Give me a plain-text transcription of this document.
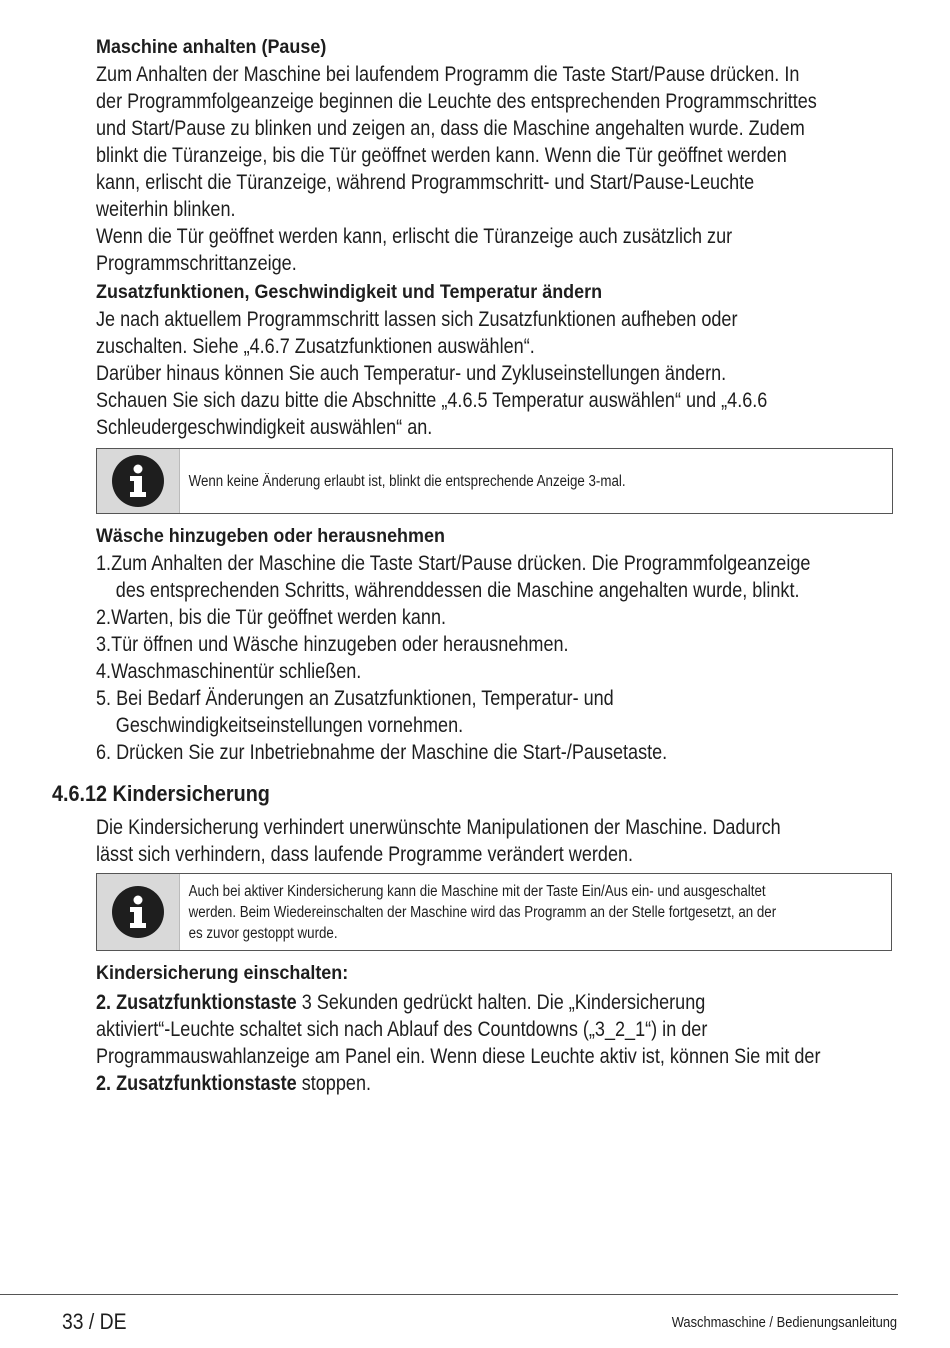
Maschine anhalten (Pause)

Zum Anhalten der Maschine bei laufendem Programm die Taste Start/Pause drücken. In

der Programmfolgeanzeige beginnen die Leuchte des entsprechenden Programmschrittes

und Start/Pause zu blinken und zeigen an, dass die Maschine angehalten wurde. Zudem

blinkt die Türanzeige, bis die Tür geöffnet werden kann. Wenn die Tür geöffnet werden

kann, erlischt die Türanzeige, während Programmschritt- und Start/Pause-Leuchte

weiterhin blinken.

Wenn die Tür geöffnet werden kann, erlischt die Türanzeige auch zusätzlich zur

Programmschrittanzeige.

Zusatzfunktionen, Geschwindigkeit und Temperatur ändern

Je nach aktuellem Programmschritt lassen sich Zusatzfunktionen aufheben oder

zuschalten. Siehe „4.6.7 Zusatzfunktionen auswählen“.

Darüber hinaus können Sie auch Temperatur- und Zykluseinstellungen ändern.

Schauen Sie sich dazu bitte die Abschnitte „4.6.5 Temperatur auswählen“ und „4.6.6

Schleudergeschwindigkeit auswählen“ an.

Wenn keine Änderung erlaubt ist, blinkt die entsprechende Anzeige 3-mal.

Wäsche hinzugeben oder herausnehmen

1.Zum Anhalten der Maschine die Taste Start/Pause drücken. Die Programmfolgeanzeige
des entsprechenden Schritts, währenddessen die Maschine angehalten wurde, blinkt.
2.Warten, bis die Tür geöffnet werden kann.
3.Tür öffnen und Wäsche hinzugeben oder herausnehmen.
4.Waschmaschinentür schließen.
5. Bei Bedarf Änderungen an Zusatzfunktionen, Temperatur- und
Geschwindigkeitseinstellungen vornehmen.
6. Drücken Sie zur Inbetriebnahme der Maschine die Start-/Pausetaste.
4.6.12 Kindersicherung

Die Kindersicherung verhindert unerwünschte Manipulationen der Maschine. Dadurch

lässt sich verhindern, dass laufende Programme verändert werden.

Auch bei aktiver Kindersicherung kann die Maschine mit der Taste Ein/Aus ein- und ausgeschaltet
werden. Beim Wiedereinschalten der Maschine wird das Programm an der Stelle fortgesetzt, an der
es zuvor gestoppt wurde.

Kindersicherung einschalten:

2. Zusatzfunktionstaste 3 Sekunden gedrückt halten. Die „Kindersicherung

aktiviert“-Leuchte schaltet sich nach Ablauf des Countdowns („3_2_1“) in der

Programmauswahlanzeige am Panel ein. Wenn diese Leuchte aktiv ist, können Sie mit der

2. Zusatzfunktionstaste stoppen.

33 / DE	Waschmaschine / Bedienungsanleitung
